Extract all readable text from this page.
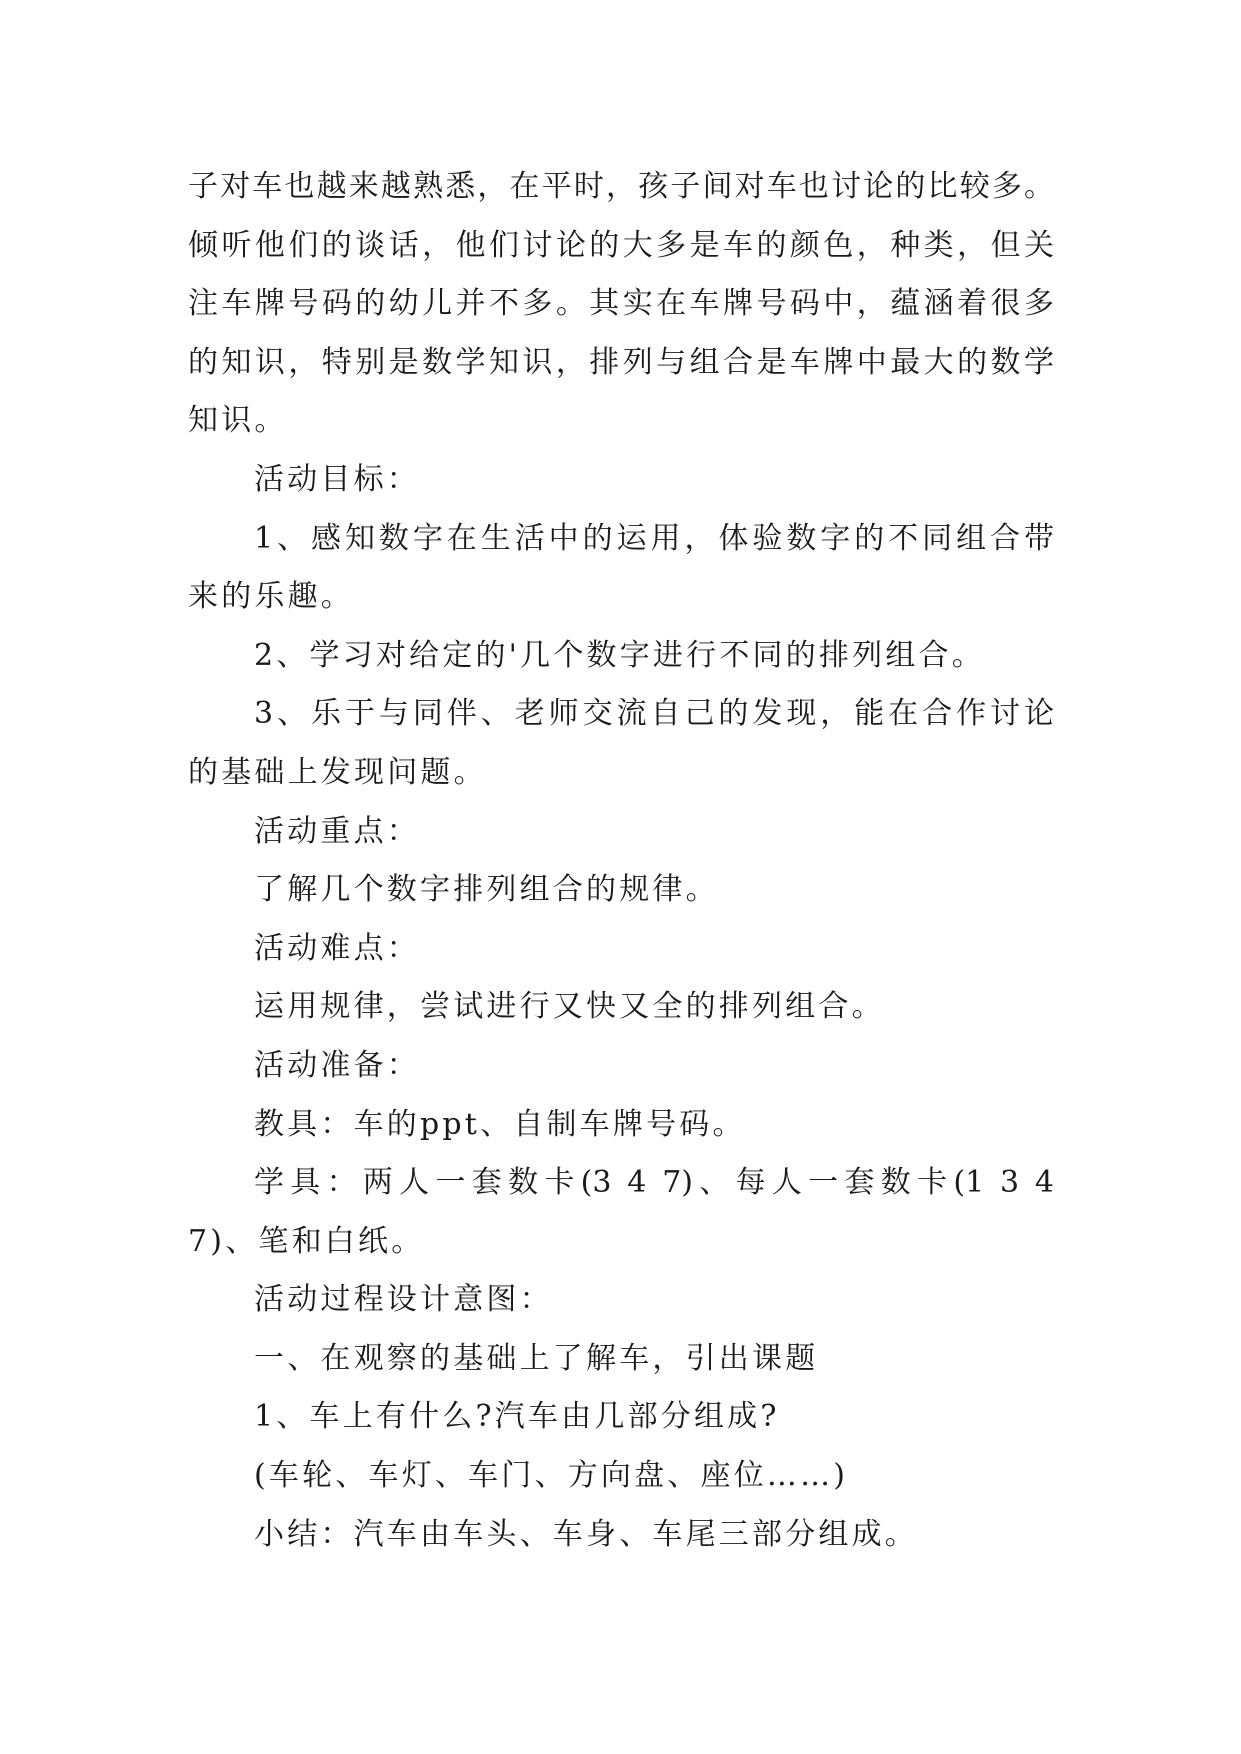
子对车也越来越熟悉，在平时，孩子间对车也讨论的比较多。
倾听他们的谈话，他们讨论的大多是车的颜色，种类，但关
注车牌号码的幼儿并不多。其实在车牌号码中，蕴涵着很多
的知识，特别是数学知识，排列与组合是车牌中最大的数学
知识。
活动目标：
1、感知数字在生活中的运用，体验数字的不同组合带
来的乐趣。
2、学习对给定的'几个数字进行不同的排列组合。
3、乐于与同伴、老师交流自己的发现，能在合作讨论
的基础上发现问题。
活动重点：
了解几个数字排列组合的规律。
活动难点：
运用规律，尝试进行又快又全的排列组合。
活动准备：
教具：车的ppt、自制车牌号码。
学具：两人一套数卡(3 4 7)、每人一套数卡(1 3 4
7)、笔和白纸。
活动过程设计意图：
一、在观察的基础上了解车，引出课题
1、车上有什么?汽车由几部分组成?
(车轮、车灯、车门、方向盘、座位……)
小结：汽车由车头、车身、车尾三部分组成。
